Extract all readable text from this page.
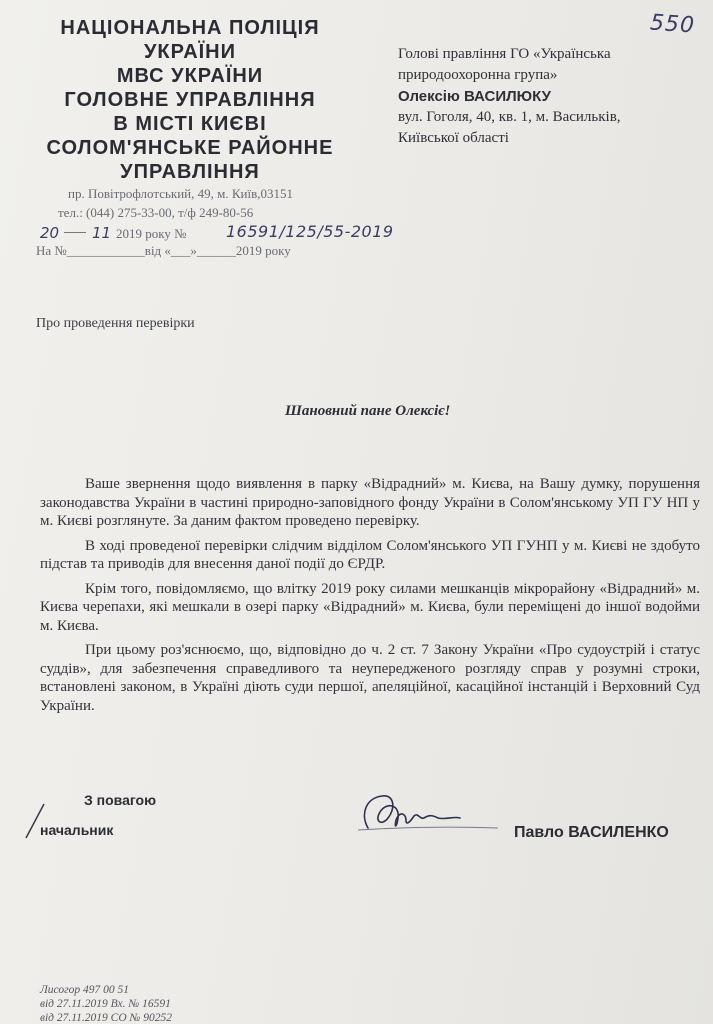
550
НАЦІОНАЛЬНА ПОЛІЦІЯ
УКРАЇНИ
МВС УКРАЇНИ
ГОЛОВНЕ УПРАВЛІННЯ
В МІСТІ КИЄВІ
СОЛОМ'ЯНСЬКЕ РАЙОННЕ
УПРАВЛІННЯ
пр. Повітрофлотський, 49, м. Київ,03151
тел.: (044) 275-33-00, т/ф 249-80-56
20 11 2019 року № 16591/125/55-2019
На №____________від «___»______2019 року
Голові правління ГО «Українська
природоохоронна група»
Олексію ВАСИЛЮКУ
вул. Гоголя, 40, кв. 1, м. Васильків,
Київської області
Про проведення перевірки
Шановний пане Олексіє!

Ваше звернення щодо виявлення в парку «Відрадний» м. Києва, на Вашу думку, порушення законодавства України в частині природно-заповідного фонду України в Солом'янському УП ГУ НП у м. Києві розглянуте. За даним фактом проведено перевірку.

В ході проведеної перевірки слідчим відділом Солом'янського УП ГУНП у м. Києві не здобуто підстав та приводів для внесення даної події до ЄРДР.

Крім того, повідомляємо, що влітку 2019 року силами мешканців мікрорайону «Відрадний» м. Києва черепахи, які мешкали в озері парку «Відрадний» м. Києва, були переміщені до іншої водойми м. Києва.

При цьому роз'яснюємо, що, відповідно до ч. 2 ст. 7 Закону України «Про судоустрій і статус суддів», для забезпечення справедливого та неупередженого розгляду справ у розумні строки, встановлені законом, в Україні діють суди першої, апеляційної, касаційної інстанцій і Верховний Суд України.

З повагою
начальник	Павло ВАСИЛЕНКО
Лисогор 497 00 51
від 27.11.2019 Вх. № 16591
від 27.11.2019 СО № 90252
